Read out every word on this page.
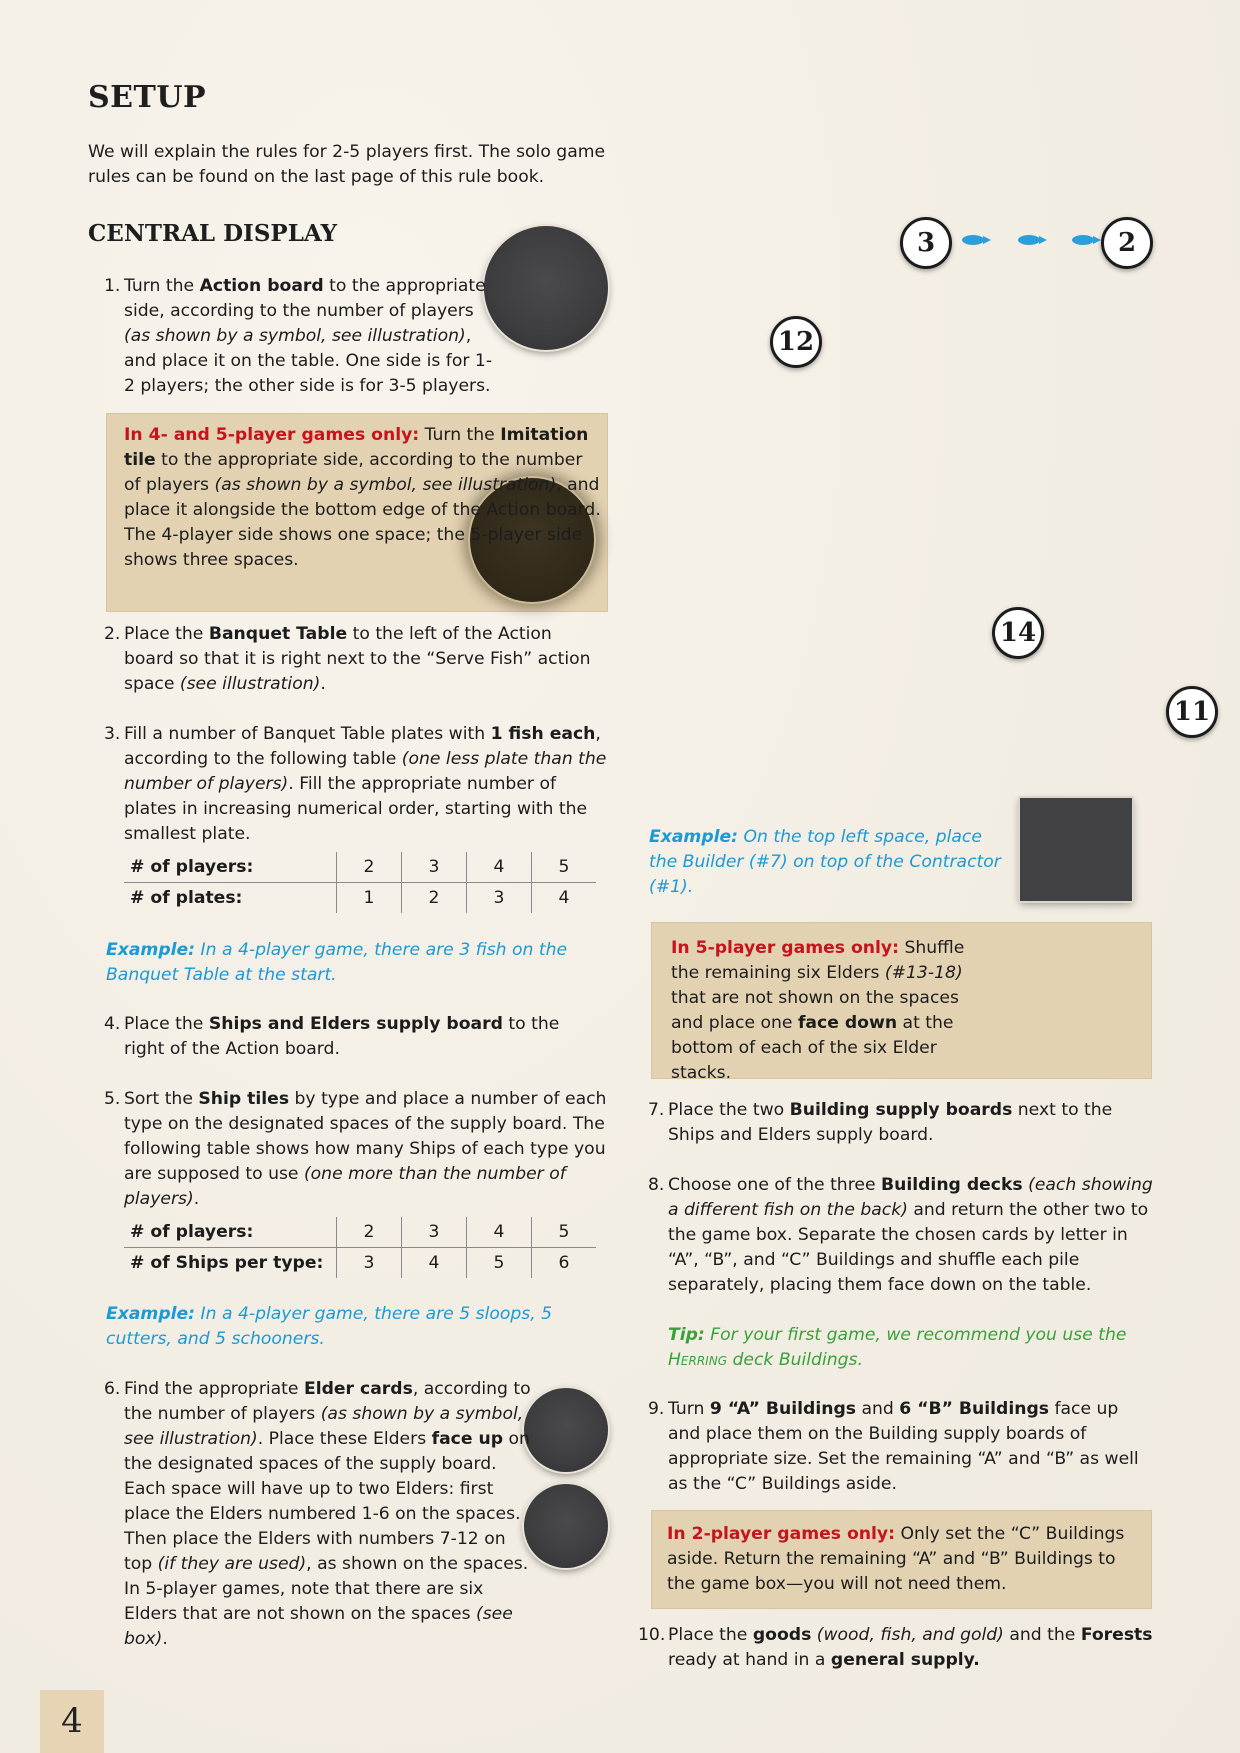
SETUP
We will explain the rules for 2-5 players first. The solo game rules can be found on the last page of this rule book.
CENTRAL DISPLAY
1. Turn the Action board to the appropriate side, according to the number of players (as shown by a symbol, see illustration), and place it on the table. One side is for 1-2 players; the other side is for 3-5 players.
In 4- and 5-player games only: Turn the Imitation tile to the appropriate side, according to the number of players (as shown by a symbol, see illustration), and place it alongside the bottom edge of the Action board. The 4-player side shows one space; the 5-player side shows three spaces.
2. Place the Banquet Table to the left of the Action board so that it is right next to the “Serve Fish” action space (see illustration).
3. Fill a number of Banquet Table plates with 1 fish each, according to the following table (one less plate than the number of players). Fill the appropriate number of plates in increasing numerical order, starting with the smallest plate.
# of players:	2	3	4	5
# of plates:	1	2	3	4
Example: In a 4-player game, there are 3 fish on the Banquet Table at the start.
4. Place the Ships and Elders supply board to the right of the Action board.
5. Sort the Ship tiles by type and place a number of each type on the designated spaces of the supply board. The following table shows how many Ships of each type you are supposed to use (one more than the number of players).
# of players:	2	3	4	5
# of Ships per type:	3	4	5	6
Example: In a 4-player game, there are 5 sloops, 5 cutters, and 5 schooners.
6. Find the appropriate Elder cards, according to the number of players (as shown by a symbol, see illustration). Place these Elders face up on the designated spaces of the supply board. Each space will have up to two Elders: first place the Elders numbered 1-6 on the spaces. Then place the Elders with numbers 7-12 on top (if they are used), as shown on the spaces. In 5-player games, note that there are six Elders that are not shown on the spaces (see box).
3	2
12
14
11
Example: On the top left space, place the Builder (#7) on top of the Contractor (#1).
In 5-player games only: Shuffle the remaining six Elders (#13-18) that are not shown on the spaces and place one face down at the bottom of each of the six Elder stacks.
7. Place the two Building supply boards next to the Ships and Elders supply board.
8. Choose one of the three Building decks (each showing a different fish on the back) and return the other two to the game box. Separate the chosen cards by letter in “A”, “B”, and “C” Buildings and shuffle each pile separately, placing them face down on the table.
Tip: For your first game, we recommend you use the Herring deck Buildings.
9. Turn 9 “A” Buildings and 6 “B” Buildings face up and place them on the Building supply boards of appropriate size. Set the remaining “A” and “B” as well as the “C” Buildings aside.
In 2-player games only: Only set the “C” Buildings aside. Return the remaining “A” and “B” Buildings to the game box—you will not need them.
10. Place the goods (wood, fish, and gold) and the Forests ready at hand in a general supply.
4
